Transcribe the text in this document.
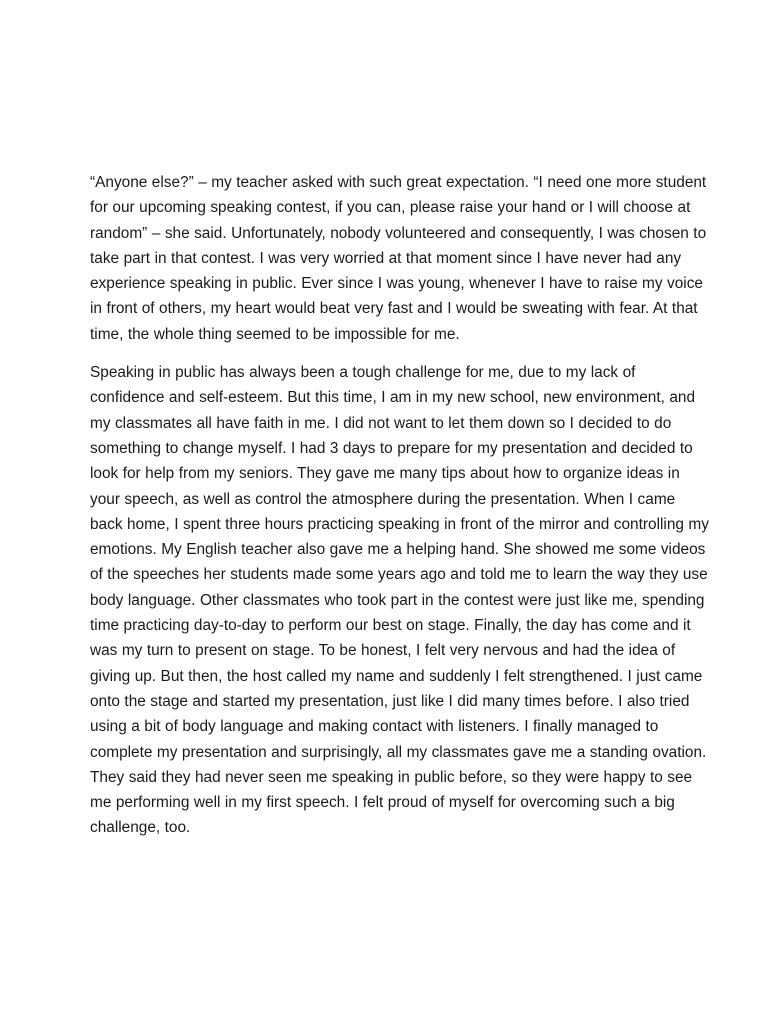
“Anyone else?” – my teacher asked with such great expectation. “I need one more student for our upcoming speaking contest, if you can, please raise your hand or I will choose at random” – she said. Unfortunately, nobody volunteered and consequently, I was chosen to take part in that contest. I was very worried at that moment since I have never had any experience speaking in public. Ever since I was young, whenever I have to raise my voice in front of others, my heart would beat very fast and I would be sweating with fear. At that time, the whole thing seemed to be impossible for me.

Speaking in public has always been a tough challenge for me, due to my lack of confidence and self-esteem. But this time, I am in my new school, new environment, and my classmates all have faith in me. I did not want to let them down so I decided to do something to change myself. I had 3 days to prepare for my presentation and decided to look for help from my seniors. They gave me many tips about how to organize ideas in your speech, as well as control the atmosphere during the presentation. When I came back home, I spent three hours practicing speaking in front of the mirror and controlling my emotions. My English teacher also gave me a helping hand. She showed me some videos of the speeches her students made some years ago and told me to learn the way they use body language. Other classmates who took part in the contest were just like me, spending time practicing day-to-day to perform our best on stage. Finally, the day has come and it was my turn to present on stage. To be honest, I felt very nervous and had the idea of giving up. But then, the host called my name and suddenly I felt strengthened. I just came onto the stage and started my presentation, just like I did many times before. I also tried using a bit of body language and making contact with listeners. I finally managed to complete my presentation and surprisingly, all my classmates gave me a standing ovation. They said they had never seen me speaking in public before, so they were happy to see me performing well in my first speech. I felt proud of myself for overcoming such a big challenge, too.
